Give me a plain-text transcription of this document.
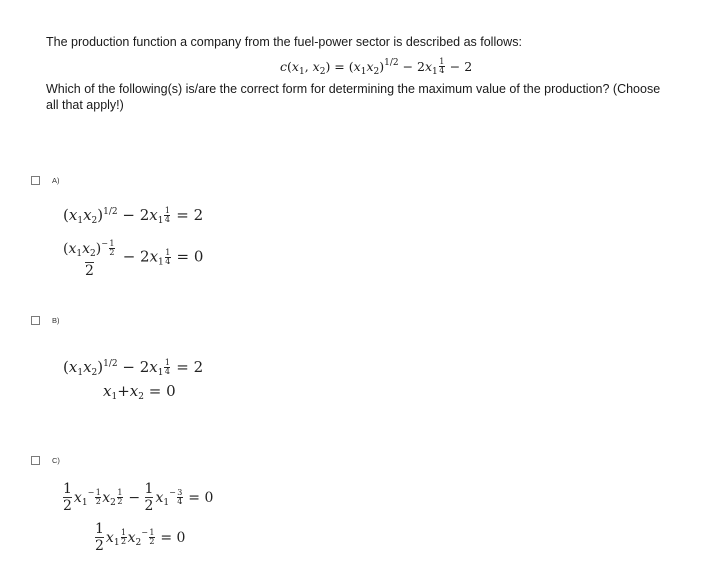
The production function a company from the fuel-power sector is described as follows:
$c(x_1$, $x_2) = (x_1x_2)^{1/2} - 2x_1$ $^{\frac{1}{4}}$ − 2
Which of the following(s) is/are the correct form for determining the maximum value of the production? (Choose
all that apply!)
A)
$(x_1x_2)^{1/2} - 2x_1$ $^{\frac{1}{4}}$ = 2
$(x_1x_2)^-$ $^{\frac{1}{2}}$
$2 - 2x_1$ $^{\frac{1}{4}}$ = 0
B)
$(x_1x_2)^{1/2} - 2x_1$ $^{\frac{1}{4}}$ = 2
$x_1+x_2 = 0$
C)
$\frac{1}{2} x_1^-$ $^{\frac{1}{2}}$ $x_2$ $^{\frac{1}{2}} - \frac{1}{2} x_1^-$ $^{\frac{3}{4}}$ = 0
$\frac{1}{2} x_1$ $^{\frac{1}{2}}$ $x_2^-$ $^{\frac{1}{2}}$ = 0
